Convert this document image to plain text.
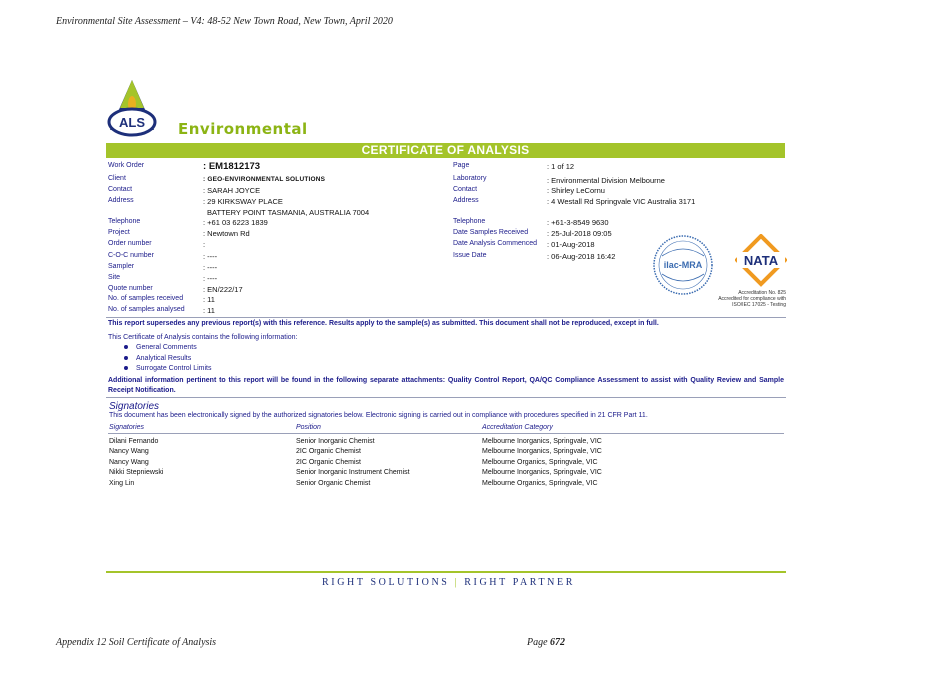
Environmental Site Assessment – V4: 48-52 New Town Road, New Town, April 2020
ALS Environmental
CERTIFICATE OF ANALYSIS
Work Order	: EM1812173
Client	: GEO-ENVIRONMENTAL SOLUTIONS
Contact	: SARAH JOYCE
Address	: 29 KIRKSWAY PLACE
BATTERY POINT TASMANIA, AUSTRALIA 7004
Telephone	: +61 03 6223 1839
Project	: Newtown Rd
Order number	:
C-O-C number	: ----
Sampler	: ----
Site	: ----
Quote number	: EN/222/17
No. of samples received	: 11
No. of samples analysed : 11
Page	: 1 of 12
Laboratory	: Environmental Division Melbourne
Contact	: Shirley LeCornu
Address	: 4 Westall Rd Springvale VIC Australia 3171
Telephone	: +61-3-8549 9630
Date Samples Received	: 25-Jul-2018 09:05
Date Analysis Commenced : 01-Aug-2018
Issue Date	: 06-Aug-2018 16:42
ilac-MRA	NATA
Accreditation No. 825
Accredited for compliance with
ISO/IEC 17025 - Testing
This report supersedes any previous report(s) with this reference. Results apply to the sample(s) as submitted. This document shall not be reproduced, except in full.
This Certificate of Analysis contains the following information:
General Comments
Analytical Results
Surrogate Control Limits
Additional information pertinent to this report will be found in the following separate attachments: Quality Control Report, QA/QC Compliance Assessment to assist with Quality Review and Sample Receipt Notification.
Signatories
This document has been electronically signed by the authorized signatories below. Electronic signing is carried out in compliance with procedures specified in 21 CFR Part 11.
Signatories	Position	Accreditation Category
Dilani Fernando	Senior Inorganic Chemist	Melbourne Inorganics, Springvale, VIC
Nancy Wang	2IC Organic Chemist	Melbourne Inorganics, Springvale, VIC
Nancy Wang	2IC Organic Chemist	Melbourne Organics, Springvale, VIC
Nikki Stepniewski	Senior Inorganic Instrument Chemist	Melbourne Inorganics, Springvale, VIC
Xing Lin	Senior Organic Chemist	Melbourne Organics, Springvale, VIC
RIGHT SOLUTIONS | RIGHT PARTNER
Appendix 12 Soil Certificate of Analysis	Page 672
